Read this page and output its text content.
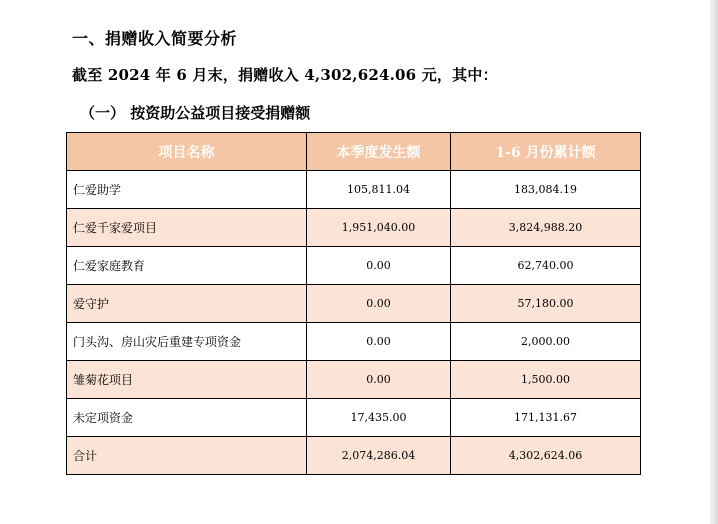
一、捐赠收入简要分析
截至 2024 年 6 月末，捐赠收入 4,302,624.06 元，其中：
（一） 按资助公益项目接受捐赠额
项目名称	本季度发生额	1-6 月份累计额
仁爱助学	105,811.04	183,084.19
仁爱千家爱项目	1,951,040.00	3,824,988.20
仁爱家庭教育	0.00	62,740.00
爱守护	0.00	57,180.00
门头沟、房山灾后重建专项资金	0.00	2,000.00
雏菊花项目	0.00	1,500.00
未定项资金	17,435.00	171,131.67
合计	2,074,286.04	4,302,624.06
